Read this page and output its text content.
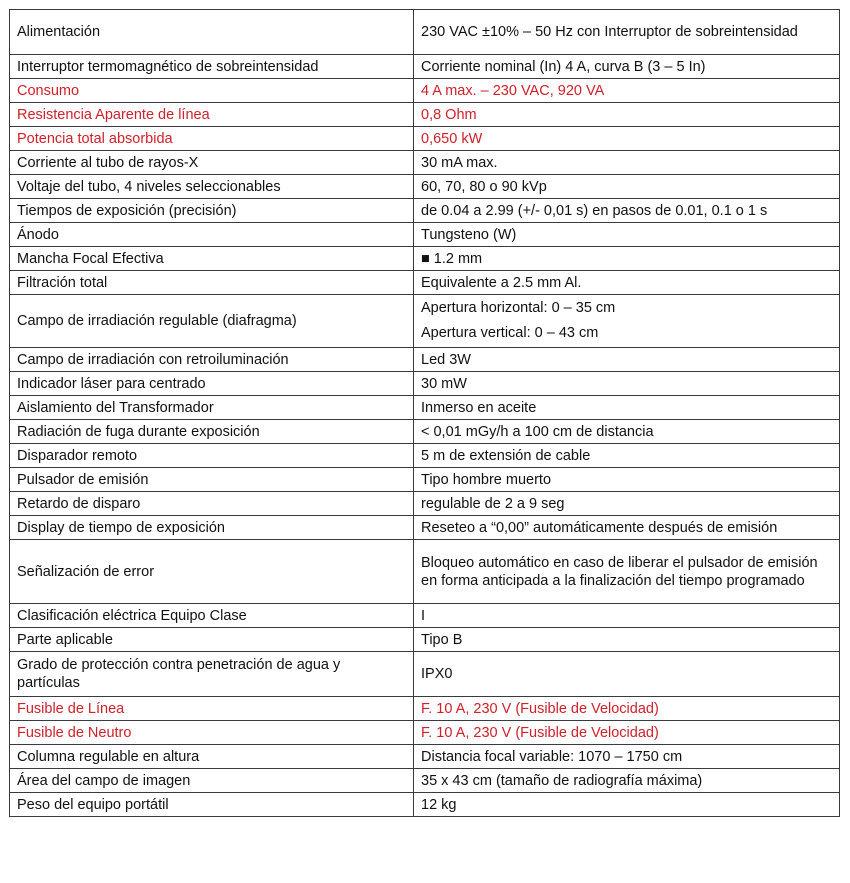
Alimentación	230 VAC ±10% – 50 Hz con Interruptor de sobreintensidad
Interruptor termomagnético de sobreintensidad	Corriente nominal (In) 4 A, curva B (3 – 5 In)
Consumo	4 A max. – 230 VAC, 920 VA
Resistencia Aparente de línea	0,8 Ohm
Potencia total absorbida	0,650 kW
Corriente al tubo de rayos-X	30 mA max.
Voltaje del tubo, 4 niveles seleccionables	60, 70, 80 o 90 kVp
Tiempos de exposición (precisión)	de 0.04 a 2.99 (+/- 0,01 s) en pasos de 0.01, 0.1 o 1 s
Ánodo	Tungsteno (W)
Mancha Focal Efectiva	■ 1.2 mm
Filtración total	Equivalente a 2.5 mm Al.
Campo de irradiación regulable (diafragma)	Apertura horizontal: 0 – 35 cm
Apertura vertical: 0 – 43 cm

Campo de irradiación con retroiluminación	Led 3W
Indicador láser para centrado	30 mW
Aislamiento del Transformador	Inmerso en aceite
Radiación de fuga durante exposición	< 0,01 mGy/h a 100 cm de distancia
Disparador remoto	5 m de extensión de cable
Pulsador de emisión	Tipo hombre muerto
Retardo de disparo	regulable de 2 a 9 seg
Display de tiempo de exposición	Reseteo a “0,00” automáticamente después de emisión
Señalización de error	Bloqueo automático en caso de liberar el pulsador de emisión en forma anticipada a la finalización del tiempo programado
Clasificación eléctrica Equipo Clase	I
Parte aplicable	Tipo B
Grado de protección contra penetración de agua y partículas	IPX0
Fusible de Línea	F. 10 A, 230 V (Fusible de Velocidad)
Fusible de Neutro	F. 10 A, 230 V (Fusible de Velocidad)
Columna regulable en altura	Distancia focal variable: 1070 – 1750 cm
Área del campo de imagen	35 x 43 cm (tamaño de radiografía máxima)
Peso del equipo portátil	12 kg
